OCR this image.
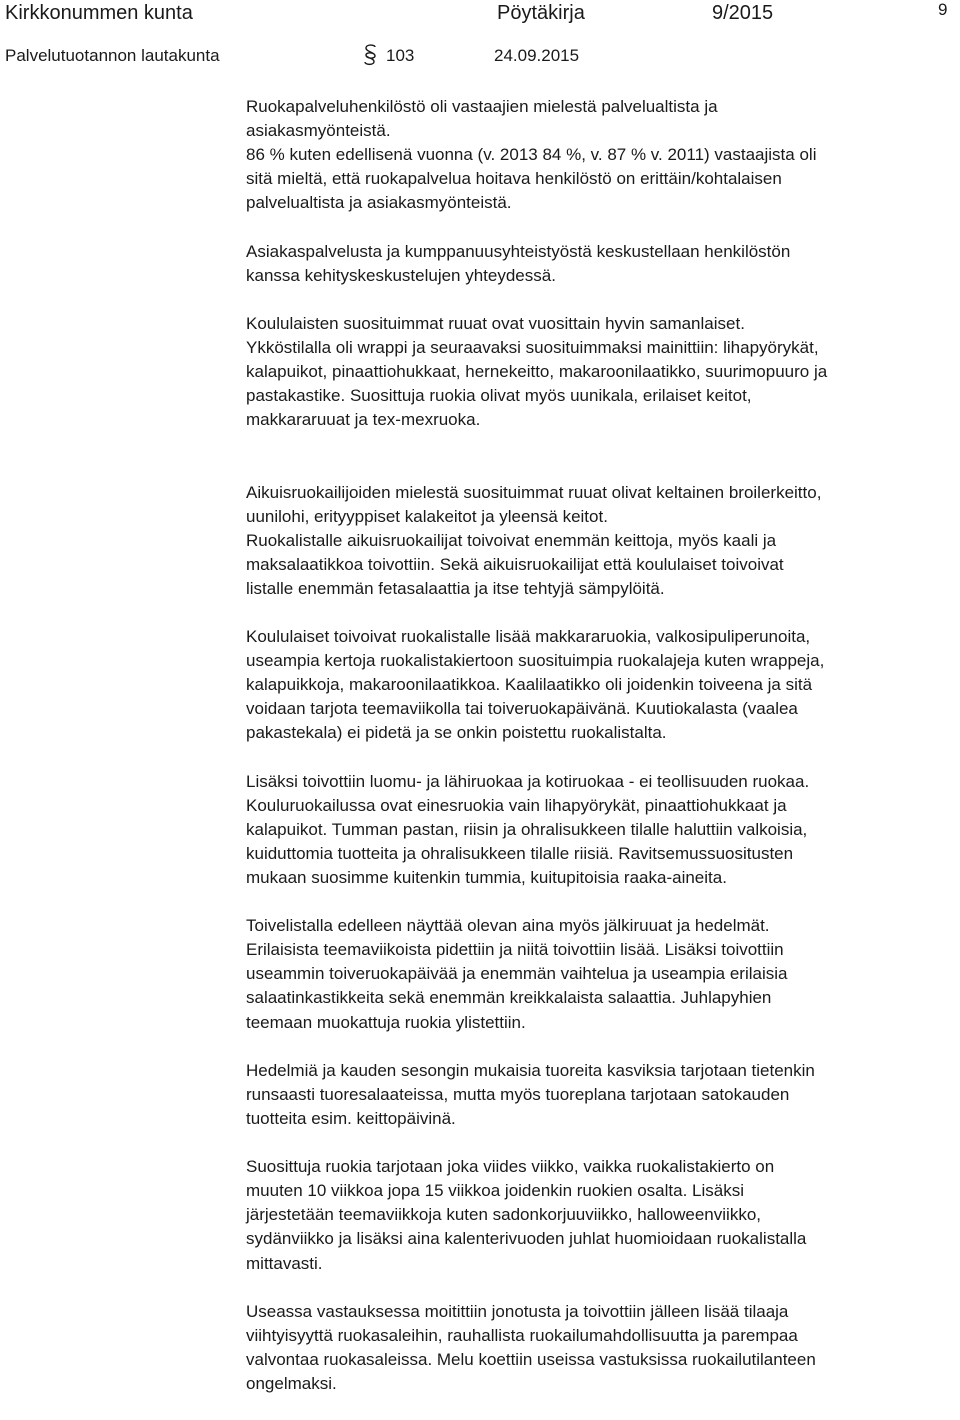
Kirkkonummen kunta	Pöytäkirja	9/2015	9
Palvelutuotannon lautakunta	103	24.09.2015

Ruokapalveluhenkilöstö oli vastaajien mielestä palvelualtista ja
asiakasmyönteistä.
86 % kuten edellisenä vuonna (v. 2013 84 %, v. 87 % v. 2011) vastaajista oli
sitä mieltä, että ruokapalvelua hoitava henkilöstö on erittäin/kohtalaisen
palvelualtista ja asiakasmyönteistä.

Asiakaspalvelusta ja kumppanuusyhteistyöstä keskustellaan henkilöstön
kanssa kehityskeskustelujen yhteydessä.

Koululaisten suosituimmat ruuat ovat vuosittain hyvin samanlaiset.
Ykköstilalla oli wrappi ja seuraavaksi suosituimmaksi mainittiin: lihapyörykät,
kalapuikot, pinaattiohukkaat, hernekeitto, makaroonilaatikko, suurimopuuro ja
pastakastike. Suosittuja ruokia olivat myös uunikala, erilaiset keitot,
makkararuuat ja tex-mexruoka.

Aikuisruokailijoiden mielestä suosituimmat ruuat olivat keltainen broilerkeitto,
uunilohi, erityyppiset kalakeitot ja yleensä keitot.
Ruokalistalle aikuisruokailijat toivoivat enemmän keittoja, myös kaali ja
maksalaatikkoa toivottiin. Sekä aikuisruokailijat että koululaiset toivoivat
listalle enemmän fetasalaattia ja itse tehtyjä sämpylöitä.

Koululaiset toivoivat ruokalistalle lisää makkararuokia, valkosipuliperunoita,
useampia kertoja ruokalistakiertoon suosituimpia ruokalajeja kuten wrappeja,
kalapuikkoja, makaroonilaatikkoa. Kaalilaatikko oli joidenkin toiveena ja sitä
voidaan tarjota teemaviikolla tai toiveruokapäivänä. Kuutiokalasta (vaalea
pakastekala) ei pidetä ja se onkin poistettu ruokalistalta.

Lisäksi toivottiin luomu- ja lähiruokaa ja kotiruokaa - ei teollisuuden ruokaa.
Kouluruokailussa ovat einesruokia vain lihapyörykät, pinaattiohukkaat ja
kalapuikot. Tumman pastan, riisin ja ohralisukkeen tilalle haluttiin valkoisia,
kuiduttomia tuotteita ja ohralisukkeen tilalle riisiä. Ravitsemussuositusten
mukaan suosimme kuitenkin tummia, kuitupitoisia raaka-aineita.

Toivelistalla edelleen näyttää olevan aina myös jälkiruuat ja hedelmät.
Erilaisista teemaviikoista pidettiin ja niitä toivottiin lisää. Lisäksi toivottiin
useammin toiveruokapäivää ja enemmän vaihtelua ja useampia erilaisia
salaatinkastikkeita sekä enemmän kreikkalaista salaattia. Juhlapyhien
teemaan muokattuja ruokia ylistettiin.

Hedelmiä ja kauden sesongin mukaisia tuoreita kasviksia tarjotaan tietenkin
runsaasti tuoresalaateissa, mutta myös tuoreplana tarjotaan satokauden
tuotteita esim. keittopäivinä.

Suosittuja ruokia tarjotaan joka viides viikko, vaikka ruokalistakierto on
muuten 10 viikkoa jopa 15 viikkoa joidenkin ruokien osalta. Lisäksi
järjestetään teemaviikkoja kuten sadonkorjuuviikko, halloweenviikko,
sydänviikko ja lisäksi aina kalenterivuoden juhlat huomioidaan ruokalistalla
mittavasti.

Useassa vastauksessa moitittiin jonotusta ja toivottiin jälleen lisää tilaaja
viihtyisyyttä ruokasaleihin, rauhallista ruokailumahdollisuutta ja parempaa
valvontaa ruokasaleissa. Melu koettiin useissa vastuksissa ruokailutilanteen
ongelmaksi.
